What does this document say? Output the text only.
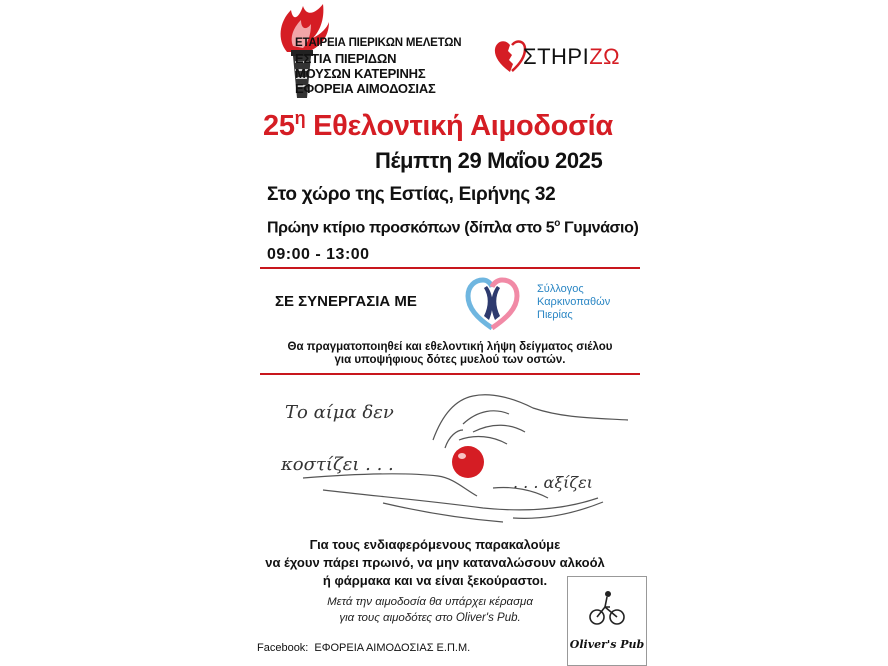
ΕΤΑΙΡΕΙΑ ΠΙΕΡΙΚΩΝ ΜΕΛΕΤΩΝ
ΕΣΤΙΑ ΠΙΕΡΙΔΩΝ
ΜΟΥΣΩΝ ΚΑΤΕΡΙΝΗΣ
ΕΦΟΡΕΙΑ ΑΙΜΟΔΟΣΙΑΣ
ΣΤΗΡΙΖΩ
$25^\eta$ Εθελοντική Αιμοδοσία
Πέμπτη 29 Μαΐου 2025
Στο χώρο της Εστίας, Ειρήνης 32
Πρώην κτίριο προσκόπων (δίπλα στο $5^o$ Γυμνάσιο)
09:00 - 13:00
ΣΕ ΣΥΝΕΡΓΑΣΙΑ ΜΕ
Σύλλογος
Καρκινοπαθών
Πιερίας
Θα πραγματοποιηθεί και εθελοντική λήψη δείγματος σιέλου
για υποψήφιους δότες μυελού των οστών.
Το αίμα δεν
κοστίζει . . .
. . . αξίζει
Για τους ενδιαφερόμενους παρακαλούμε
να έχουν πάρει πρωινό, να μην καταναλώσουν αλκοόλ
ή φάρμακα και να είναι ξεκούραστοι.
Μετά την αιμοδοσία θα υπάρχει κέρασμα
για τους αιμοδότες στο Oliver's Pub.
Oliver's Pub
Facebook: ΕΦΟΡΕΙΑ ΑΙΜΟΔΟΣΙΑΣ Ε.Π.Μ.
